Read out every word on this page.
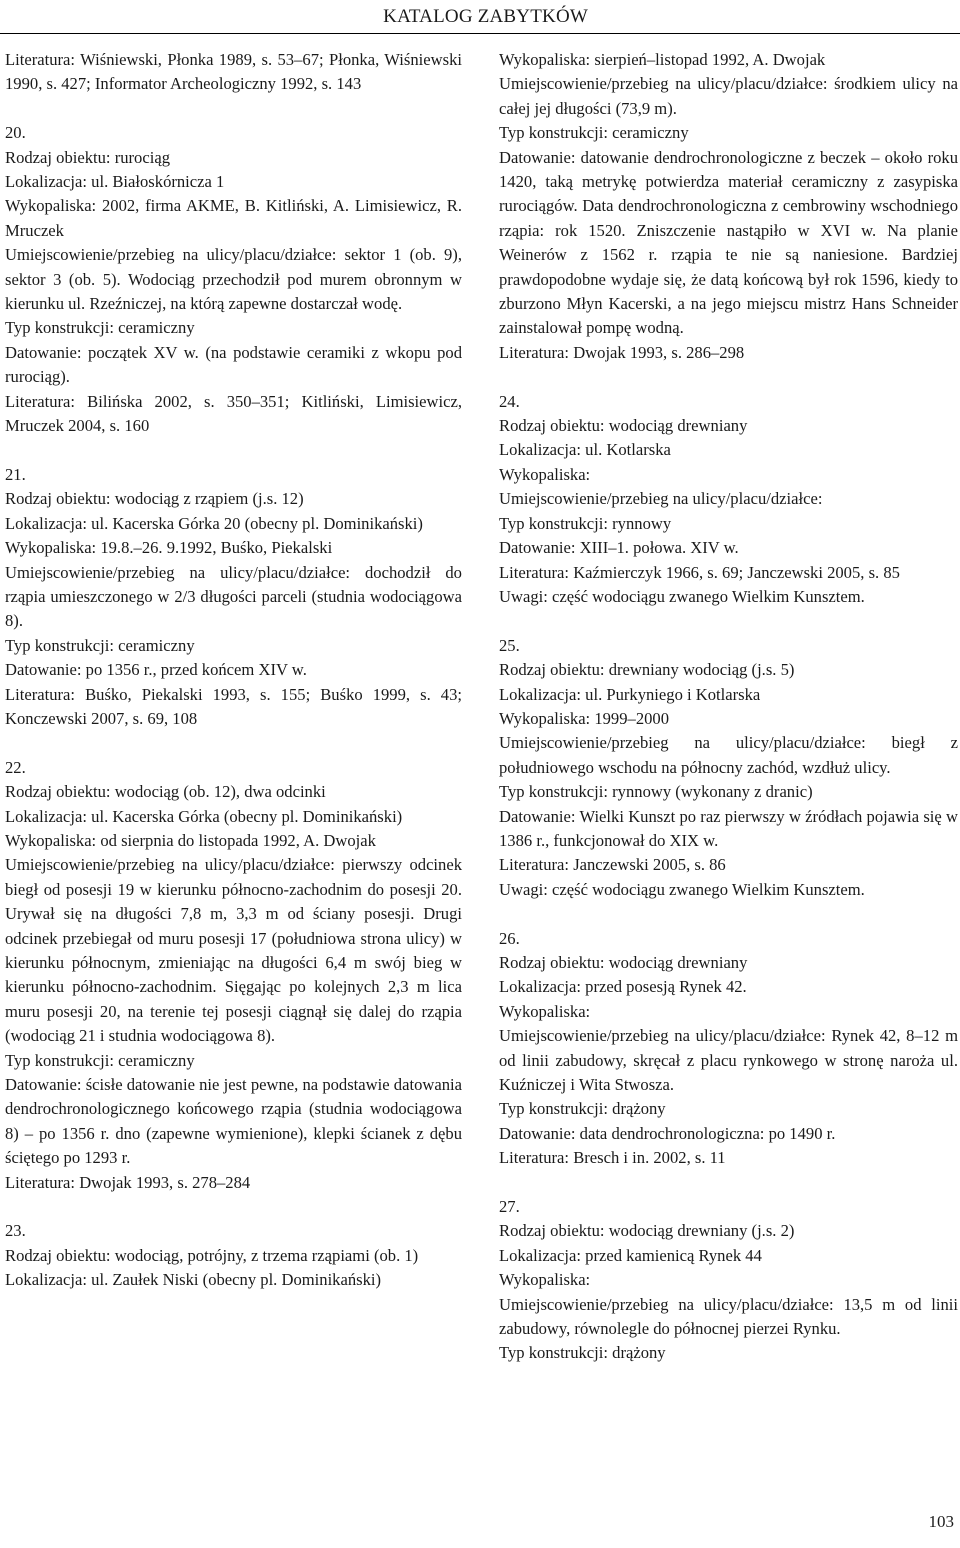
KATALOG ZABYTKÓW

Literatura: Wiśniewski, Płonka 1989, s. 53–67; Płonka, Wiśniewski 1990, s. 427; Informator Archeologiczny 1992, s. 143

20.

Rodzaj obiektu: rurociąg

Lokalizacja: ul. Białoskórnicza 1

Wykopaliska: 2002, firma AKME, B. Kitliński, A. Limisiewicz, R. Mruczek

Umiejscowienie/przebieg na ulicy/placu/działce: sektor 1 (ob. 9), sektor 3 (ob. 5). Wodociąg przechodził pod murem obronnym w kierunku ul. Rzeźniczej, na którą zapewne dostarczał wodę.

Typ konstrukcji: ceramiczny

Datowanie: początek XV w. (na podstawie ceramiki z wkopu pod rurociąg).

Literatura: Bilińska 2002, s. 350–351; Kitliński, Limisiewicz, Mruczek 2004, s. 160

21.

Rodzaj obiektu: wodociąg z rząpiem (j.s. 12)

Lokalizacja: ul. Kacerska Górka 20 (obecny pl. Dominikański)

Wykopaliska: 19.8.–26. 9.1992, Buśko, Piekalski

Umiejscowienie/przebieg na ulicy/placu/działce: dochodził do rząpia umieszczonego w 2/3 długości parceli (studnia wodociągowa 8).

Typ konstrukcji: ceramiczny

Datowanie: po 1356 r., przed końcem XIV w.

Literatura: Buśko, Piekalski 1993, s. 155; Buśko 1999, s. 43; Konczewski 2007, s. 69, 108

22.

Rodzaj obiektu: wodociąg (ob. 12), dwa odcinki

Lokalizacja: ul. Kacerska Górka (obecny pl. Dominikański)

Wykopaliska: od sierpnia do listopada 1992, A. Dwojak

Umiejscowienie/przebieg na ulicy/placu/działce: pierwszy odcinek biegł od posesji 19 w kierunku północno-zachodnim do posesji 20. Urywał się na długości 7,8 m, 3,3 m od ściany posesji. Drugi odcinek przebiegał od muru posesji 17 (południowa strona ulicy) w kierunku północnym, zmieniając na długości 6,4 m swój bieg w kierunku północno-zachodnim. Sięgając po kolejnych 2,3 m lica muru posesji 20, na terenie tej posesji ciągnął się dalej do rząpia (wodociąg 21 i studnia wodociągowa 8).

Typ konstrukcji: ceramiczny

Datowanie: ścisłe datowanie nie jest pewne, na podstawie datowania dendrochronologicznego końcowego rząpia (studnia wodociągowa 8) – po 1356 r. dno (zapewne wymienione), klepki ścianek z dębu ściętego po 1293 r.

Literatura: Dwojak 1993, s. 278–284

23.

Rodzaj obiektu: wodociąg, potrójny, z trzema rząpiami (ob. 1)

Lokalizacja: ul. Zaułek Niski (obecny pl. Dominikański)

Wykopaliska: sierpień–listopad 1992, A. Dwojak

Umiejscowienie/przebieg na ulicy/placu/działce: środkiem ulicy na całej jej długości (73,9 m).

Typ konstrukcji: ceramiczny

Datowanie: datowanie dendrochronologiczne z beczek – około roku 1420, taką metrykę potwierdza materiał ceramiczny z zasypiska rurociągów. Data dendrochronologiczna z cembrowiny wschodniego rząpia: rok 1520. Zniszczenie nastąpiło w XVI w. Na planie Weinerów z 1562 r. rząpia te nie są naniesione. Bardziej prawdopodobne wydaje się, że datą końcową był rok 1596, kiedy to zburzono Młyn Kacerski, a na jego miejscu mistrz Hans Schneider zainstalował pompę wodną.

Literatura: Dwojak 1993, s. 286–298

24.

Rodzaj obiektu: wodociąg drewniany

Lokalizacja: ul. Kotlarska

Wykopaliska:

Umiejscowienie/przebieg na ulicy/placu/działce:

Typ konstrukcji: rynnowy

Datowanie: XIII–1. połowa. XIV w.

Literatura: Kaźmierczyk 1966, s. 69; Janczewski 2005, s. 85

Uwagi: część wodociągu zwanego Wielkim Kunsztem.

25.

Rodzaj obiektu: drewniany wodociąg (j.s. 5)

Lokalizacja: ul. Purkyniego i Kotlarska

Wykopaliska: 1999–2000

Umiejscowienie/przebieg na ulicy/placu/działce: biegł z południowego wschodu na północny zachód, wzdłuż ulicy.

Typ konstrukcji: rynnowy (wykonany z dranic)

Datowanie: Wielki Kunszt po raz pierwszy w źródłach pojawia się w 1386 r., funkcjonował do XIX w.

Literatura: Janczewski 2005, s. 86

Uwagi: część wodociągu zwanego Wielkim Kunsztem.

26.

Rodzaj obiektu: wodociąg drewniany

Lokalizacja: przed posesją Rynek 42.

Wykopaliska:

Umiejscowienie/przebieg na ulicy/placu/działce: Rynek 42, 8–12 m od linii zabudowy, skręcał z placu rynkowego w stronę naroża ul. Kuźniczej i Wita Stwosza.

Typ konstrukcji: drążony

Datowanie: data dendrochronologiczna: po 1490 r.

Literatura: Bresch i in. 2002, s. 11

27.

Rodzaj obiektu: wodociąg drewniany (j.s. 2)

Lokalizacja: przed kamienicą Rynek 44

Wykopaliska:

Umiejscowienie/przebieg na ulicy/placu/działce: 13,5 m od linii zabudowy, równolegle do północnej pierzei Rynku.

Typ konstrukcji: drążony

103
